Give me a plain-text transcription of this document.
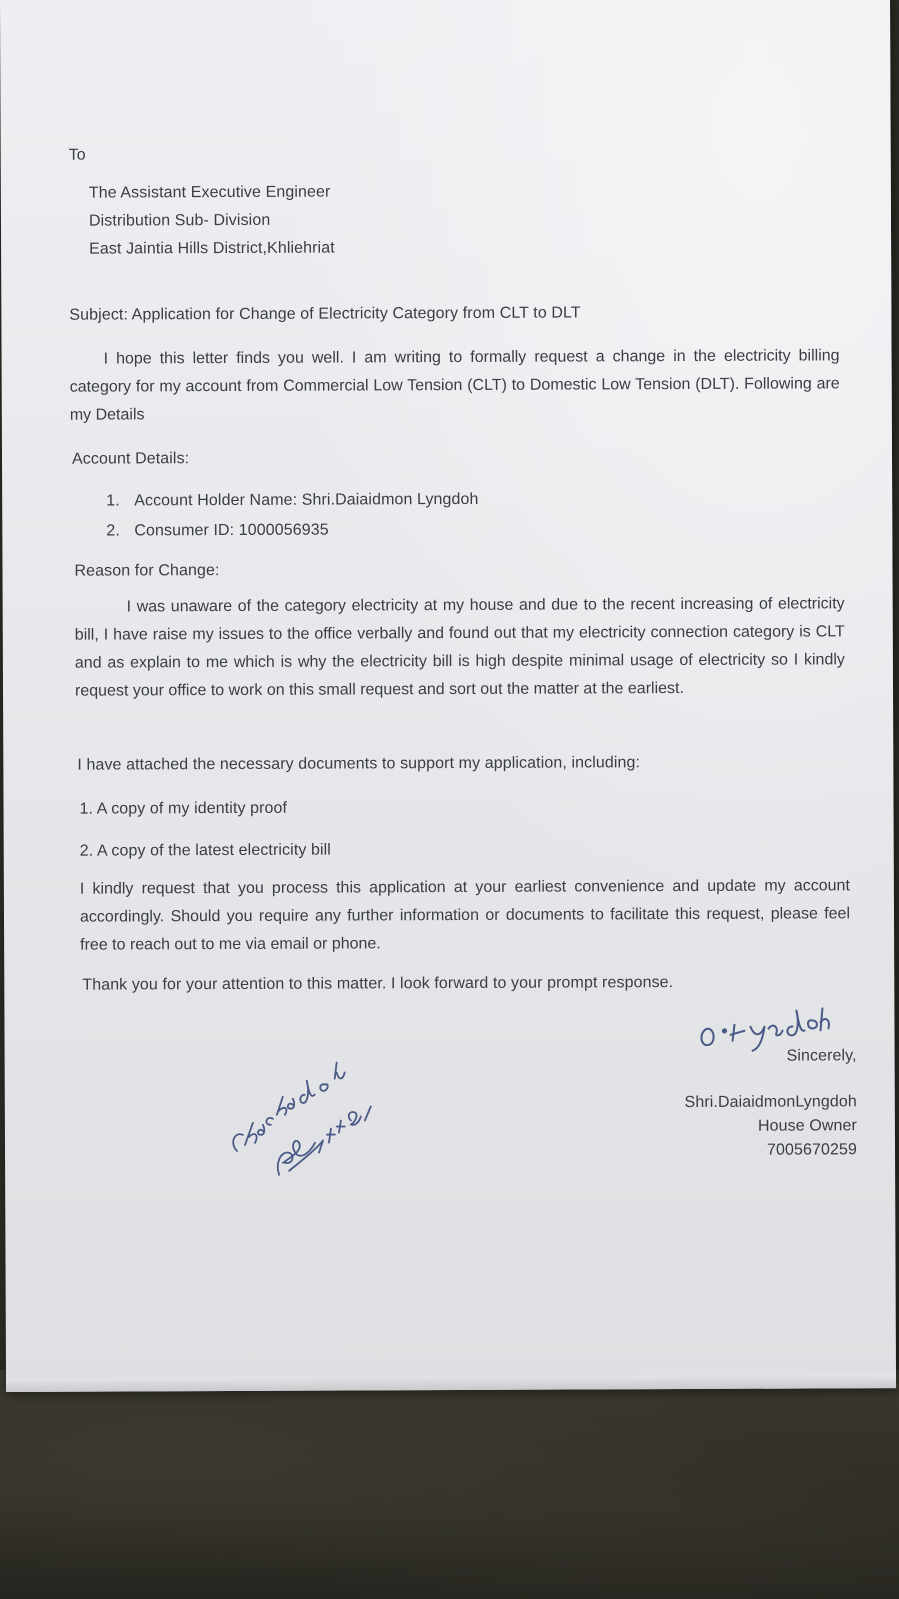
To
The Assistant Executive Engineer
Distribution Sub- Division
East Jaintia Hills District,Khliehriat
Subject: Application for Change of Electricity Category from CLT to DLT
I hope this letter finds you well. I am writing to formally request a change in the electricity billing category for my account from Commercial Low Tension (CLT) to Domestic Low Tension (DLT). Following are my Details
Account Details:
1. Account Holder Name: Shri.Daiaidmon Lyngdoh
2. Consumer ID: 1000056935
Reason for Change:
I was unaware of the category electricity at my house and due to the recent increasing of electricity bill, I have raise my issues to the office verbally and found out that my electricity connection category is CLT and as explain to me which is why the electricity bill is high despite minimal usage of electricity so I kindly request your office to work on this small request and sort out the matter at the earliest.
I have attached the necessary documents to support my application, including:
1. A copy of my identity proof
2. A copy of the latest electricity bill
I kindly request that you process this application at your earliest convenience and update my account accordingly. Should you require any further information or documents to facilitate this request, please feel free to reach out to me via email or phone.
Thank you for your attention to this matter. I look forward to your prompt response.
Sincerely,
Shri.DaiaidmonLyngdoh
House Owner
7005670259
